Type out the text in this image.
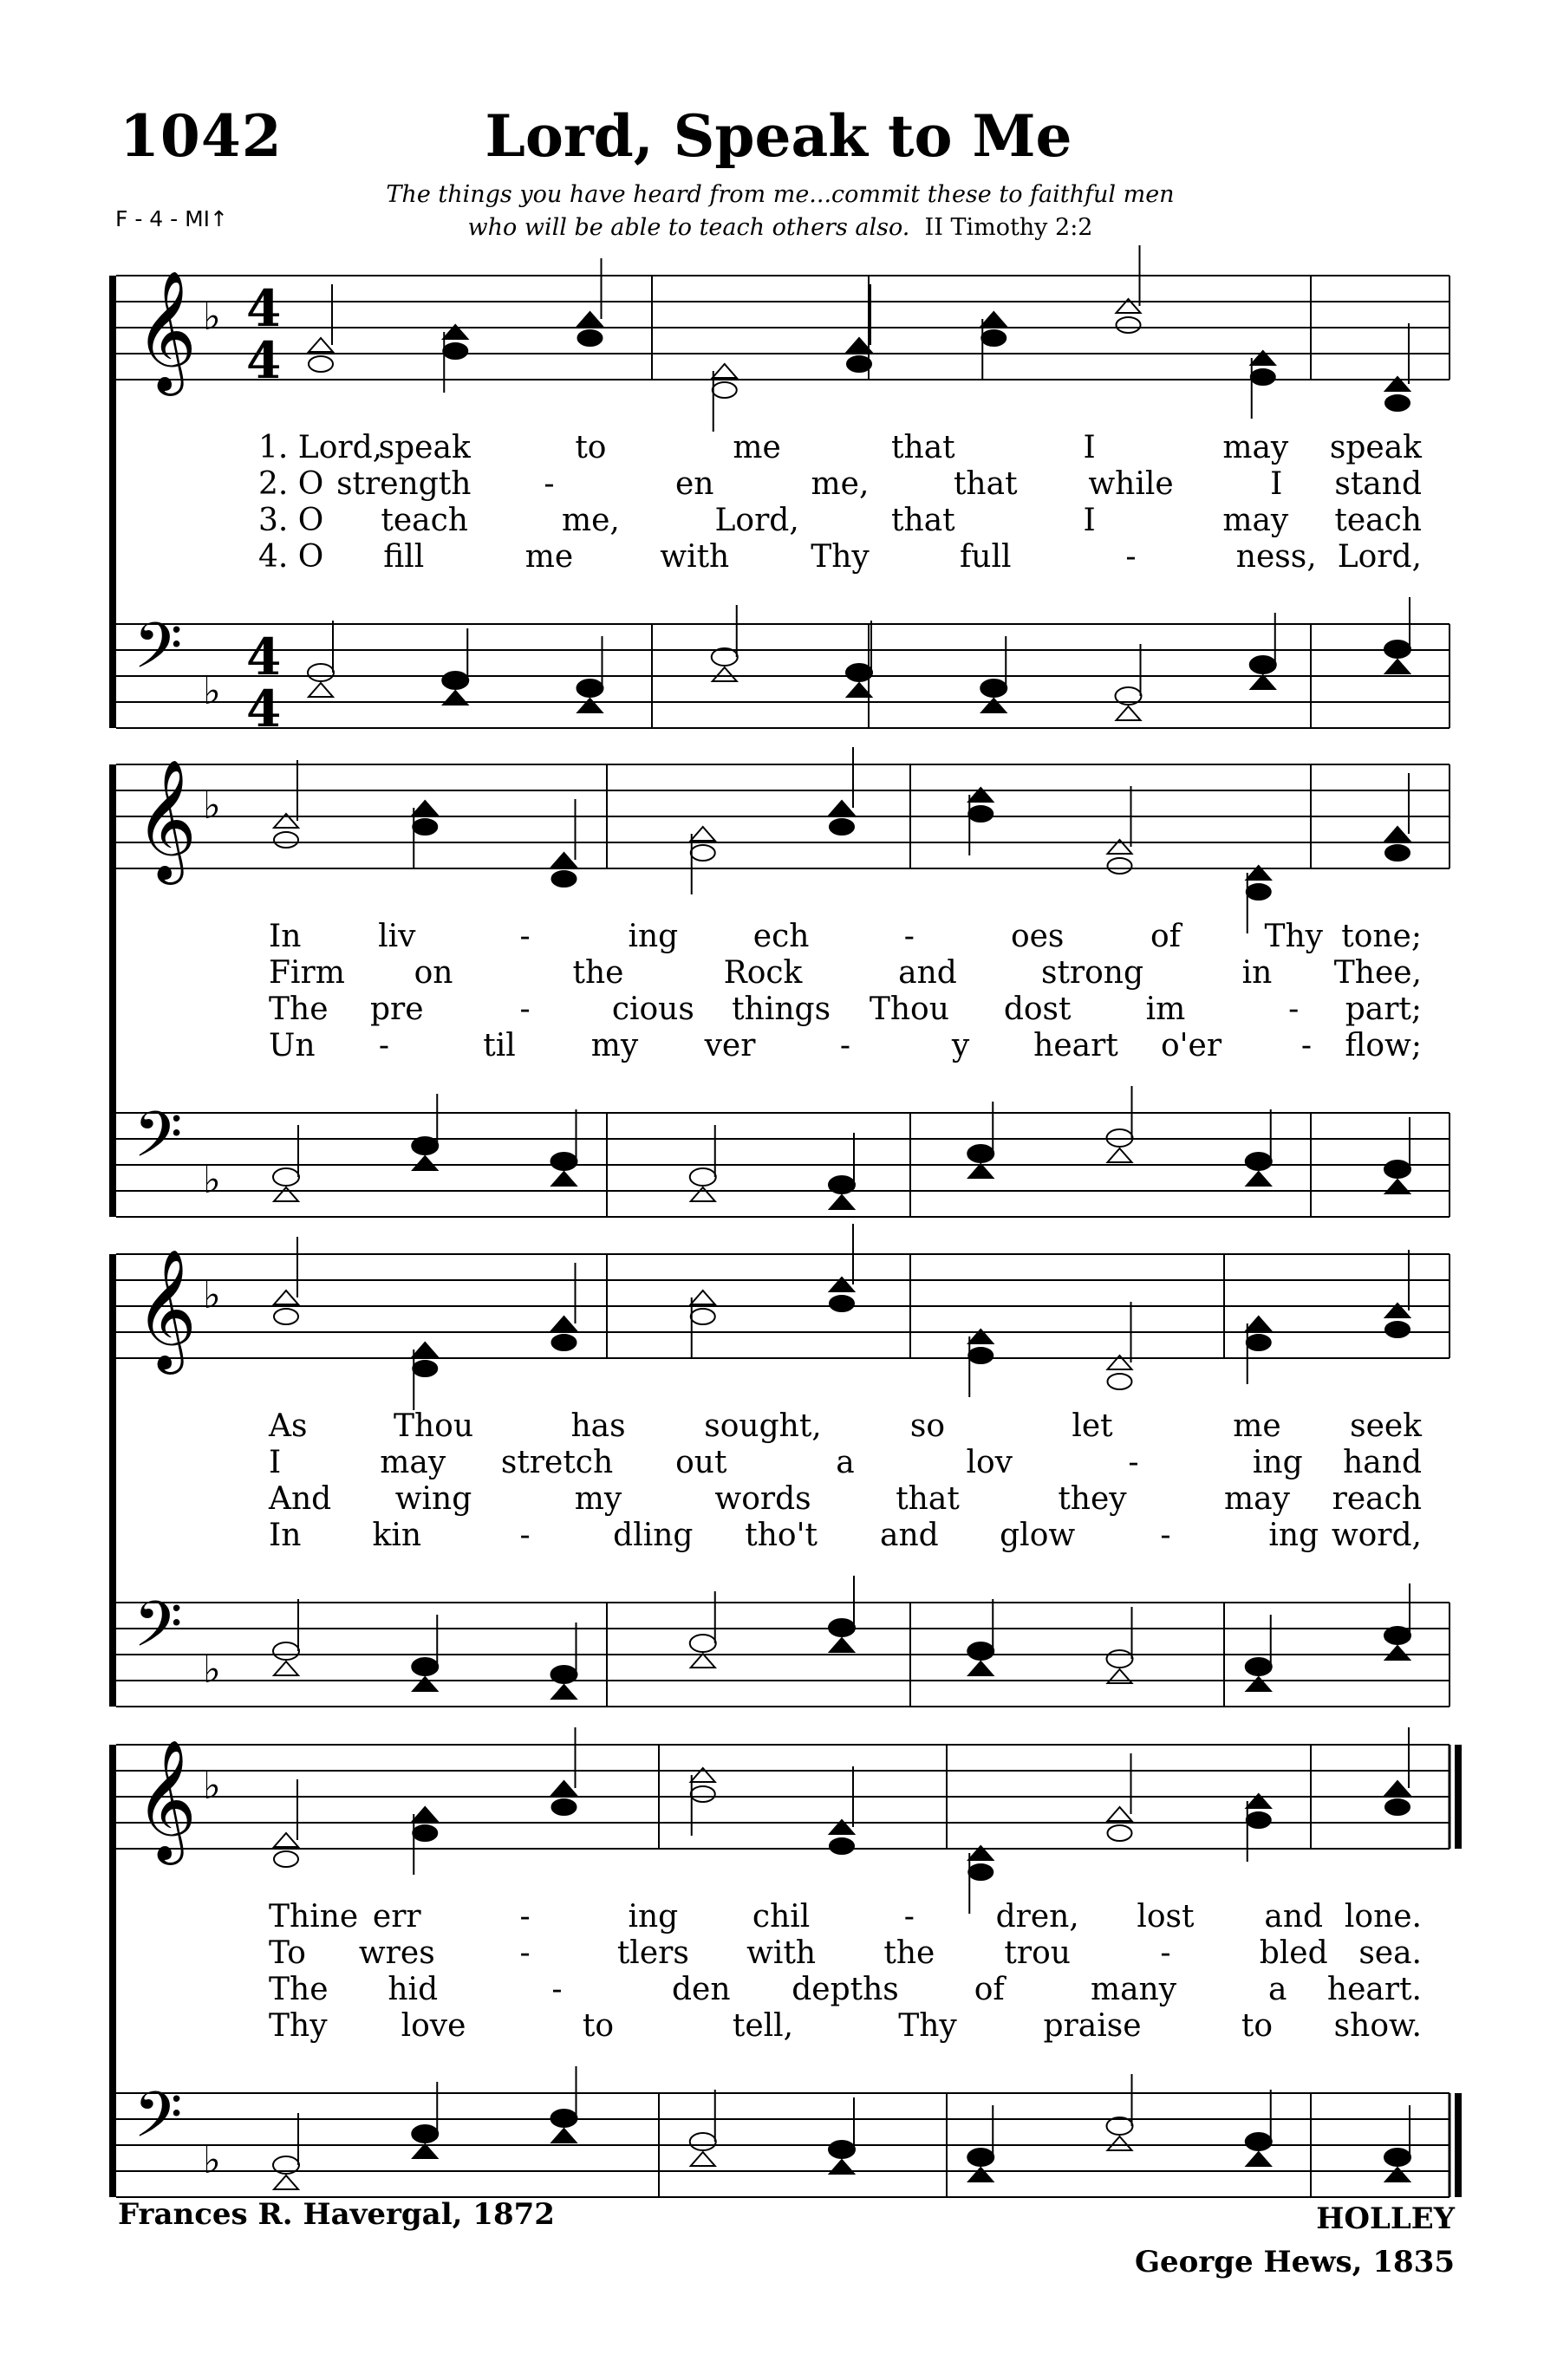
1042	Lord, Speak to Me
F - 4 - MI↑
The things you have heard from me...commit these to faithful men
who will be able to teach others also. II Timothy 2:2
𝄞
𝄢
♭
♭
4
4
4
4
1. Lord,
speak	to	me	that	I	may speak
2. O strength -	en	me,	that while	I stand
3. O teach	me,	Lord,	that	I	may teach
4. O fill	me	with	Thy	full	-	ness, Lord,
𝄞
𝄢
♭
♭
In liv	-	ing ech	-	oes	of	Thy tone;
Firm on	the	Rock	and	strong	in Thee,
The pre	-	cious things Thou dost im	- part;
Un -	til my ver	-	y heart o'er	- flow;
𝄞
𝄢
♭
♭
As	Thou	has	sought,	so	let	me seek
I	may stretch out	a	lov	-	ing hand
And wing	my	words	that	they	may reach
In kin	-	dling tho't and glow	-	ing word,
𝄞
𝄢
♭
♭
Thine err	-	ing chil	-	dren, lost and lone.
To wres	-	tlers with the trou	-	bled sea.
The hid	-	den depths of	many	a heart.
Thy love	to	tell,	Thy	praise	to show.
Frances R. Havergal, 1872	HOLLEY
George Hews, 1835
